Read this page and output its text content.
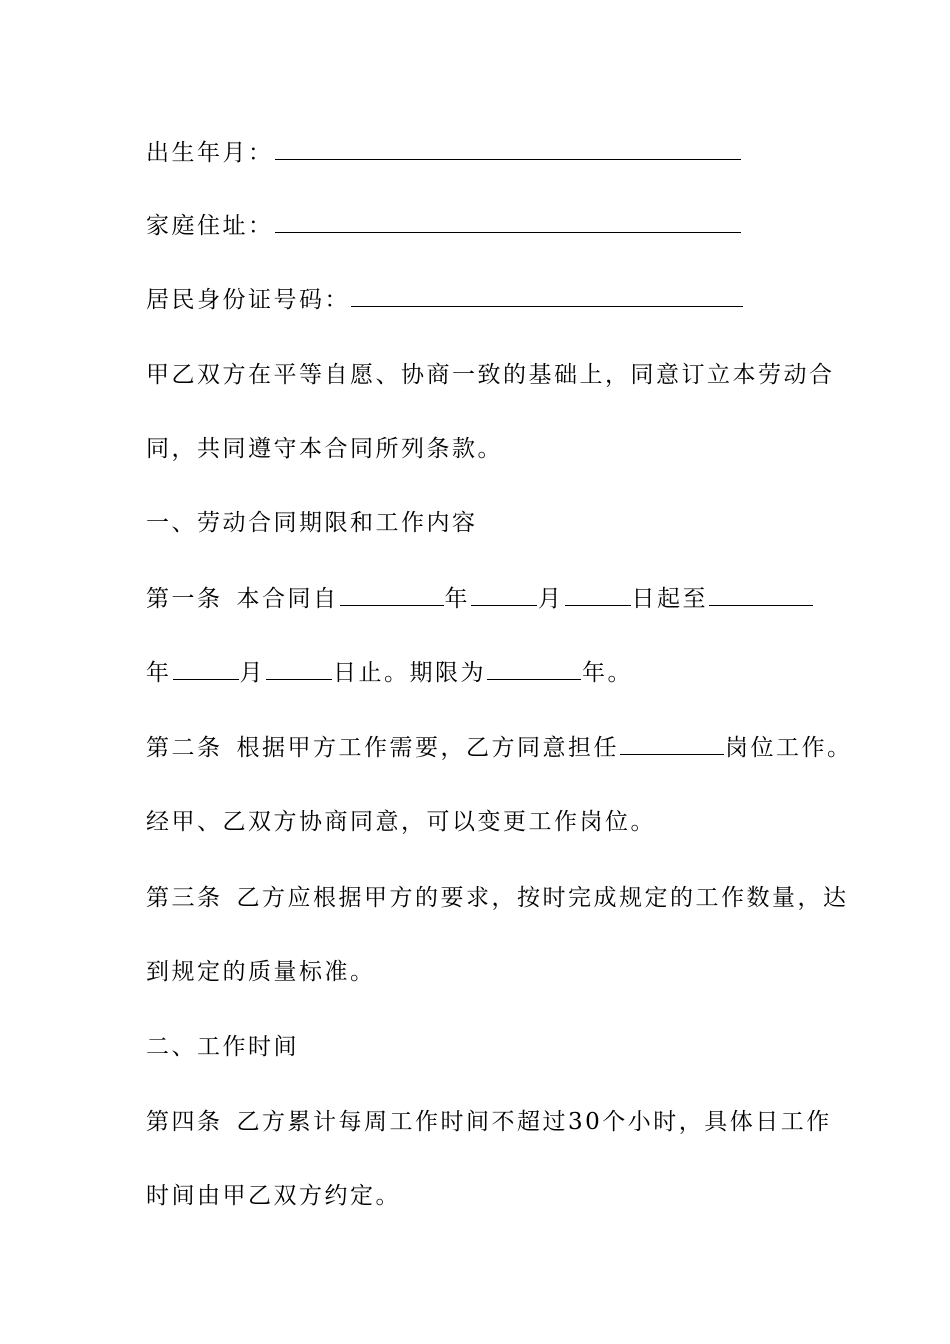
出生年月：
家庭住址：
居民身份证号码：
甲乙双方在平等自愿、协商一致的基础上，同意订立本劳动合
同，共同遵守本合同所列条款。
一、劳动合同期限和工作内容
第一条 本合同自	年	月	日起至
年	月	日止。期限为	年。
第二条 根据甲方工作需要，乙方同意担任	岗位工作。
经甲、乙双方协商同意，可以变更工作岗位。
第三条 乙方应根据甲方的要求，按时完成规定的工作数量，达
到规定的质量标准。
二、工作时间
第四条 乙方累计每周工作时间不超过30个小时，具体日工作
时间由甲乙双方约定。
